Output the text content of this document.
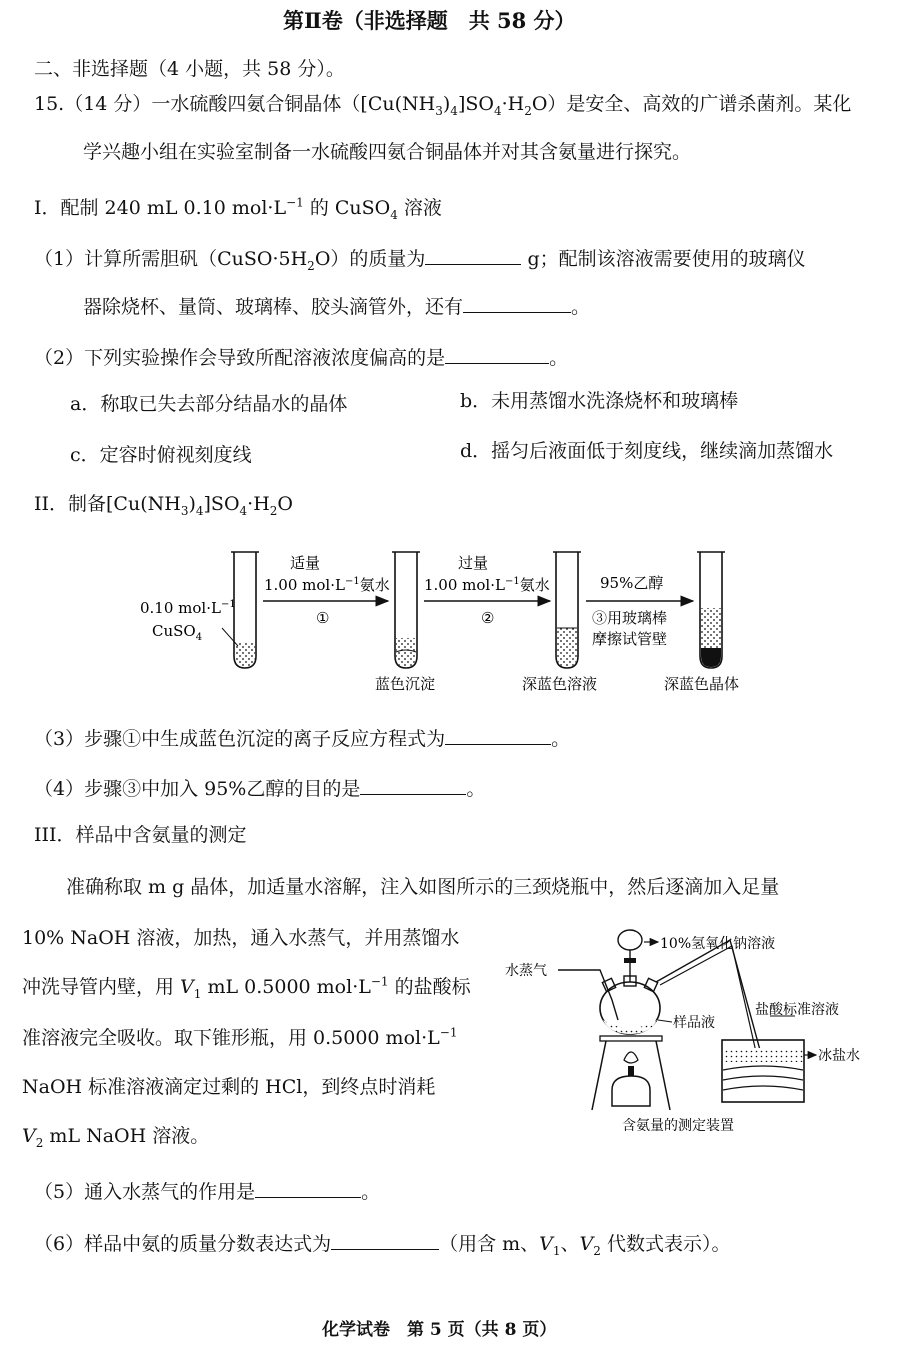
第Ⅱ卷（非选择题　共 58 分）
二、非选择题（4 小题，共 58 分）。
15.（14 分）一水硫酸四氨合铜晶体$([Cu(NH_3)_4]SO_4\cdot H_2O)$是安全、高效的广谱杀菌剂。某化
学兴趣小组在实验室制备一水硫酸四氨合铜晶体并对其含氨量进行探究。
I．配制 240 mL 0.10 $mol\cdot L^{-1}$ 的 CuSO$_4$ 溶液
（1）计算所需胆矾$(CuSO\cdot 5H_2O)$的质量为	g；配制该溶液需要使用的玻璃仪
器除烧杯、量筒、玻璃棒、胶头滴管外，还有	。
（2）下列实验操作会导致所配溶液浓度偏高的是	。
a．称取已失去部分结晶水的晶体	b．未用蒸馏水洗涤烧杯和玻璃棒
c．定容时俯视刻度线	d．摇匀后液面低于刻度线，继续滴加蒸馏水
II．制备$[Cu(NH_3)_4]SO_4\cdot H_2O$
0.10 $mol\cdot L^{-1}$
CuSO$_4$
适量
1.00 $mol\cdot L^{-1}$氨水
①
过量
1.00 $mol\cdot L^{-1}$氨水
②
95%乙醇
③用玻璃棒
摩擦试管壁
蓝色沉淀	深蓝色溶液	深蓝色晶体
（3）步骤①中生成蓝色沉淀的离子反应方程式为	。
（4）步骤③中加入 95%乙醇的目的是	。
III．样品中含氨量的测定
准确称取 m g 晶体，加适量水溶解，注入如图所示的三颈烧瓶中，然后逐滴加入足量
10% NaOH 溶液，加热，通入水蒸气，并用蒸馏水
冲洗导管内壁，用 $V_1$ mL 0.5000 $mol\cdot L^{-1}$ 的盐酸标
准溶液完全吸收。取下锥形瓶，用 0.5000 $mol\cdot L^{-1}$
NaOH 标准溶液滴定过剩的 HCl，到终点时消耗
$V_2$ mL NaOH 溶液。
10%氢氧化钠溶液
水蒸气
样品液
盐酸标准溶液
冰盐水
含氨量的测定装置
（5）通入水蒸气的作用是	。
（6）样品中氨的质量分数表达式为	（用含 m、$V_1$、$V_2$ 代数式表示）。
化学试卷　第 5 页（共 8 页）
